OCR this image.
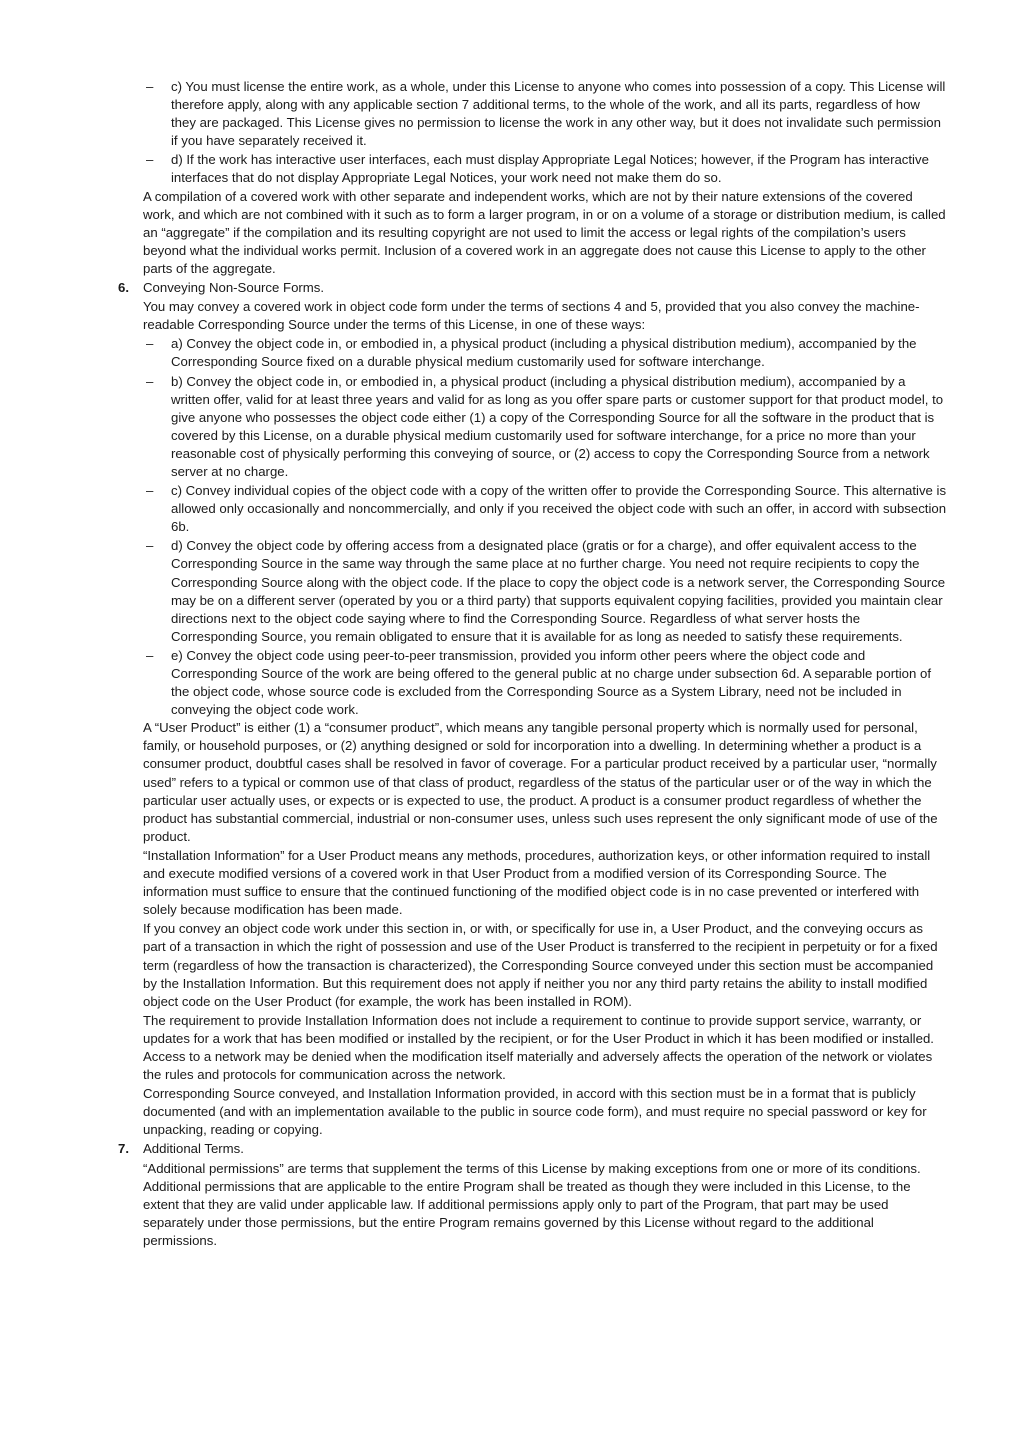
– c) You must license the entire work, as a whole, under this License to anyone who comes into possession of a copy. This License will therefore apply, along with any applicable section 7 additional terms, to the whole of the work, and all its parts, regardless of how they are packaged. This License gives no permission to license the work in any other way, but it does not invalidate such permission if you have separately received it.
– d) If the work has interactive user interfaces, each must display Appropriate Legal Notices; however, if the Program has interactive interfaces that do not display Appropriate Legal Notices, your work need not make them do so.
A compilation of a covered work with other separate and independent works, which are not by their nature extensions of the covered work, and which are not combined with it such as to form a larger program, in or on a volume of a storage or distribution medium, is called an “aggregate” if the compilation and its resulting copyright are not used to limit the access or legal rights of the compilation’s users beyond what the individual works permit. Inclusion of a covered work in an aggregate does not cause this License to apply to the other parts of the aggregate.
6. Conveying Non-Source Forms.
You may convey a covered work in object code form under the terms of sections 4 and 5, provided that you also convey the machine-readable Corresponding Source under the terms of this License, in one of these ways:
– a) Convey the object code in, or embodied in, a physical product (including a physical distribution medium), accompanied by the Corresponding Source fixed on a durable physical medium customarily used for software interchange.
– b) Convey the object code in, or embodied in, a physical product (including a physical distribution medium), accompanied by a written offer, valid for at least three years and valid for as long as you offer spare parts or customer support for that product model, to give anyone who possesses the object code either (1) a copy of the Corresponding Source for all the software in the product that is covered by this License, on a durable physical medium customarily used for software interchange, for a price no more than your reasonable cost of physically performing this conveying of source, or (2) access to copy the Corresponding Source from a network server at no charge.
– c) Convey individual copies of the object code with a copy of the written offer to provide the Corresponding Source. This alternative is allowed only occasionally and noncommercially, and only if you received the object code with such an offer, in accord with subsection 6b.
– d) Convey the object code by offering access from a designated place (gratis or for a charge), and offer equivalent access to the Corresponding Source in the same way through the same place at no further charge. You need not require recipients to copy the Corresponding Source along with the object code. If the place to copy the object code is a network server, the Corresponding Source may be on a different server (operated by you or a third party) that supports equivalent copying facilities, provided you maintain clear directions next to the object code saying where to find the Corresponding Source. Regardless of what server hosts the Corresponding Source, you remain obligated to ensure that it is available for as long as needed to satisfy these requirements.
– e) Convey the object code using peer-to-peer transmission, provided you inform other peers where the object code and Corresponding Source of the work are being offered to the general public at no charge under subsection 6d. A separable portion of the object code, whose source code is excluded from the Corresponding Source as a System Library, need not be included in conveying the object code work.
A “User Product” is either (1) a “consumer product”, which means any tangible personal property which is normally used for personal, family, or household purposes, or (2) anything designed or sold for incorporation into a dwelling. In determining whether a product is a consumer product, doubtful cases shall be resolved in favor of coverage. For a particular product received by a particular user, “normally used” refers to a typical or common use of that class of product, regardless of the status of the particular user or of the way in which the particular user actually uses, or expects or is expected to use, the product. A product is a consumer product regardless of whether the product has substantial commercial, industrial or non-consumer uses, unless such uses represent the only significant mode of use of the product.
“Installation Information” for a User Product means any methods, procedures, authorization keys, or other information required to install and execute modified versions of a covered work in that User Product from a modified version of its Corresponding Source. The information must suffice to ensure that the continued functioning of the modified object code is in no case prevented or interfered with solely because modification has been made.
If you convey an object code work under this section in, or with, or specifically for use in, a User Product, and the conveying occurs as part of a transaction in which the right of possession and use of the User Product is transferred to the recipient in perpetuity or for a fixed term (regardless of how the transaction is characterized), the Corresponding Source conveyed under this section must be accompanied by the Installation Information. But this requirement does not apply if neither you nor any third party retains the ability to install modified object code on the User Product (for example, the work has been installed in ROM).
The requirement to provide Installation Information does not include a requirement to continue to provide support service, warranty, or updates for a work that has been modified or installed by the recipient, or for the User Product in which it has been modified or installed. Access to a network may be denied when the modification itself materially and adversely affects the operation of the network or violates the rules and protocols for communication across the network.
Corresponding Source conveyed, and Installation Information provided, in accord with this section must be in a format that is publicly documented (and with an implementation available to the public in source code form), and must require no special password or key for unpacking, reading or copying.
7. Additional Terms.
“Additional permissions” are terms that supplement the terms of this License by making exceptions from one or more of its conditions. Additional permissions that are applicable to the entire Program shall be treated as though they were included in this License, to the extent that they are valid under applicable law. If additional permissions apply only to part of the Program, that part may be used separately under those permissions, but the entire Program remains governed by this License without regard to the additional permissions.
